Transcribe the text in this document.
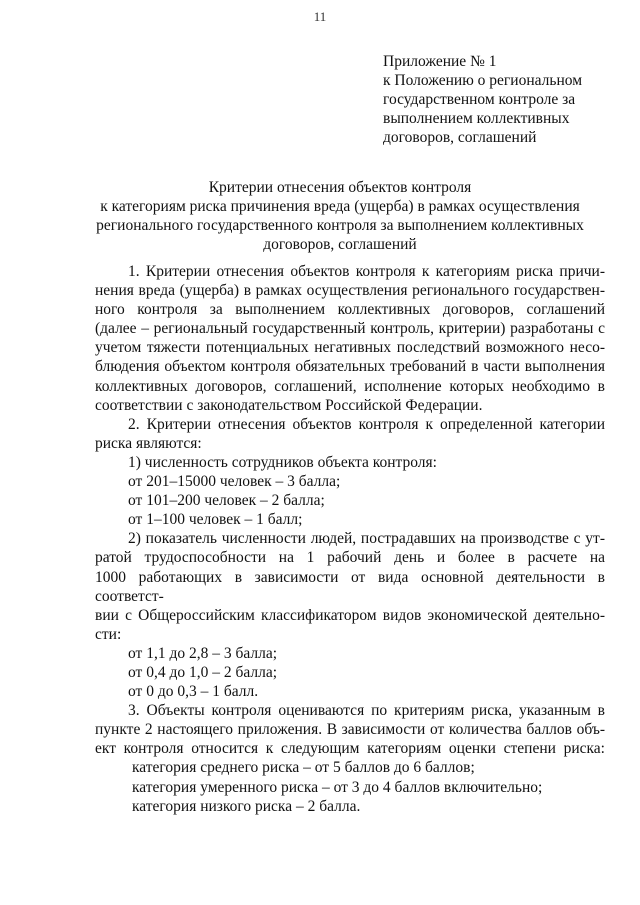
11
Приложение № 1
к Положению о региональном
государственном контроле за
выполнением коллективных
договоров, соглашений
Критерии отнесения объектов контроля
к категориям риска причинения вреда (ущерба) в рамках осуществления
регионального государственного контроля за выполнением коллективных
договоров, соглашений
1. Критерии отнесения объектов контроля к категориям риска причи-
нения вреда (ущерба) в рамках осуществления регионального государствен-
ного контроля за выполнением коллективных договоров, соглашений
(далее – региональный государственный контроль, критерии) разработаны с
учетом тяжести потенциальных негативных последствий возможного несо-
блюдения объектом контроля обязательных требований в части выполнения
коллективных договоров, соглашений, исполнение которых необходимо в
соответствии с законодательством Российской Федерации.
2. Критерии отнесения объектов контроля к определенной категории
риска являются:
1) численность сотрудников объекта контроля:
от 201–15000 человек – 3 балла;
от 101–200 человек – 2 балла;
от 1–100 человек – 1 балл;
2) показатель численности людей, пострадавших на производстве с ут-
ратой трудоспособности на 1 рабочий день и более в расчете на
1000 работающих в зависимости от вида основной деятельности в соответст-
вии с Общероссийским классификатором видов экономической деятельно-
сти:
от 1,1 до 2,8 – 3 балла;
от 0,4 до 1,0 – 2 балла;
от 0 до 0,3 – 1 балл.
3. Объекты контроля оцениваются по критериям риска, указанным в
пункте 2 настоящего приложения. В зависимости от количества баллов объ-
ект контроля относится к следующим категориям оценки степени риска:
категория среднего риска – от 5 баллов до 6 баллов;
категория умеренного риска – от 3 до 4 баллов включительно;
категория низкого риска – 2 балла.
